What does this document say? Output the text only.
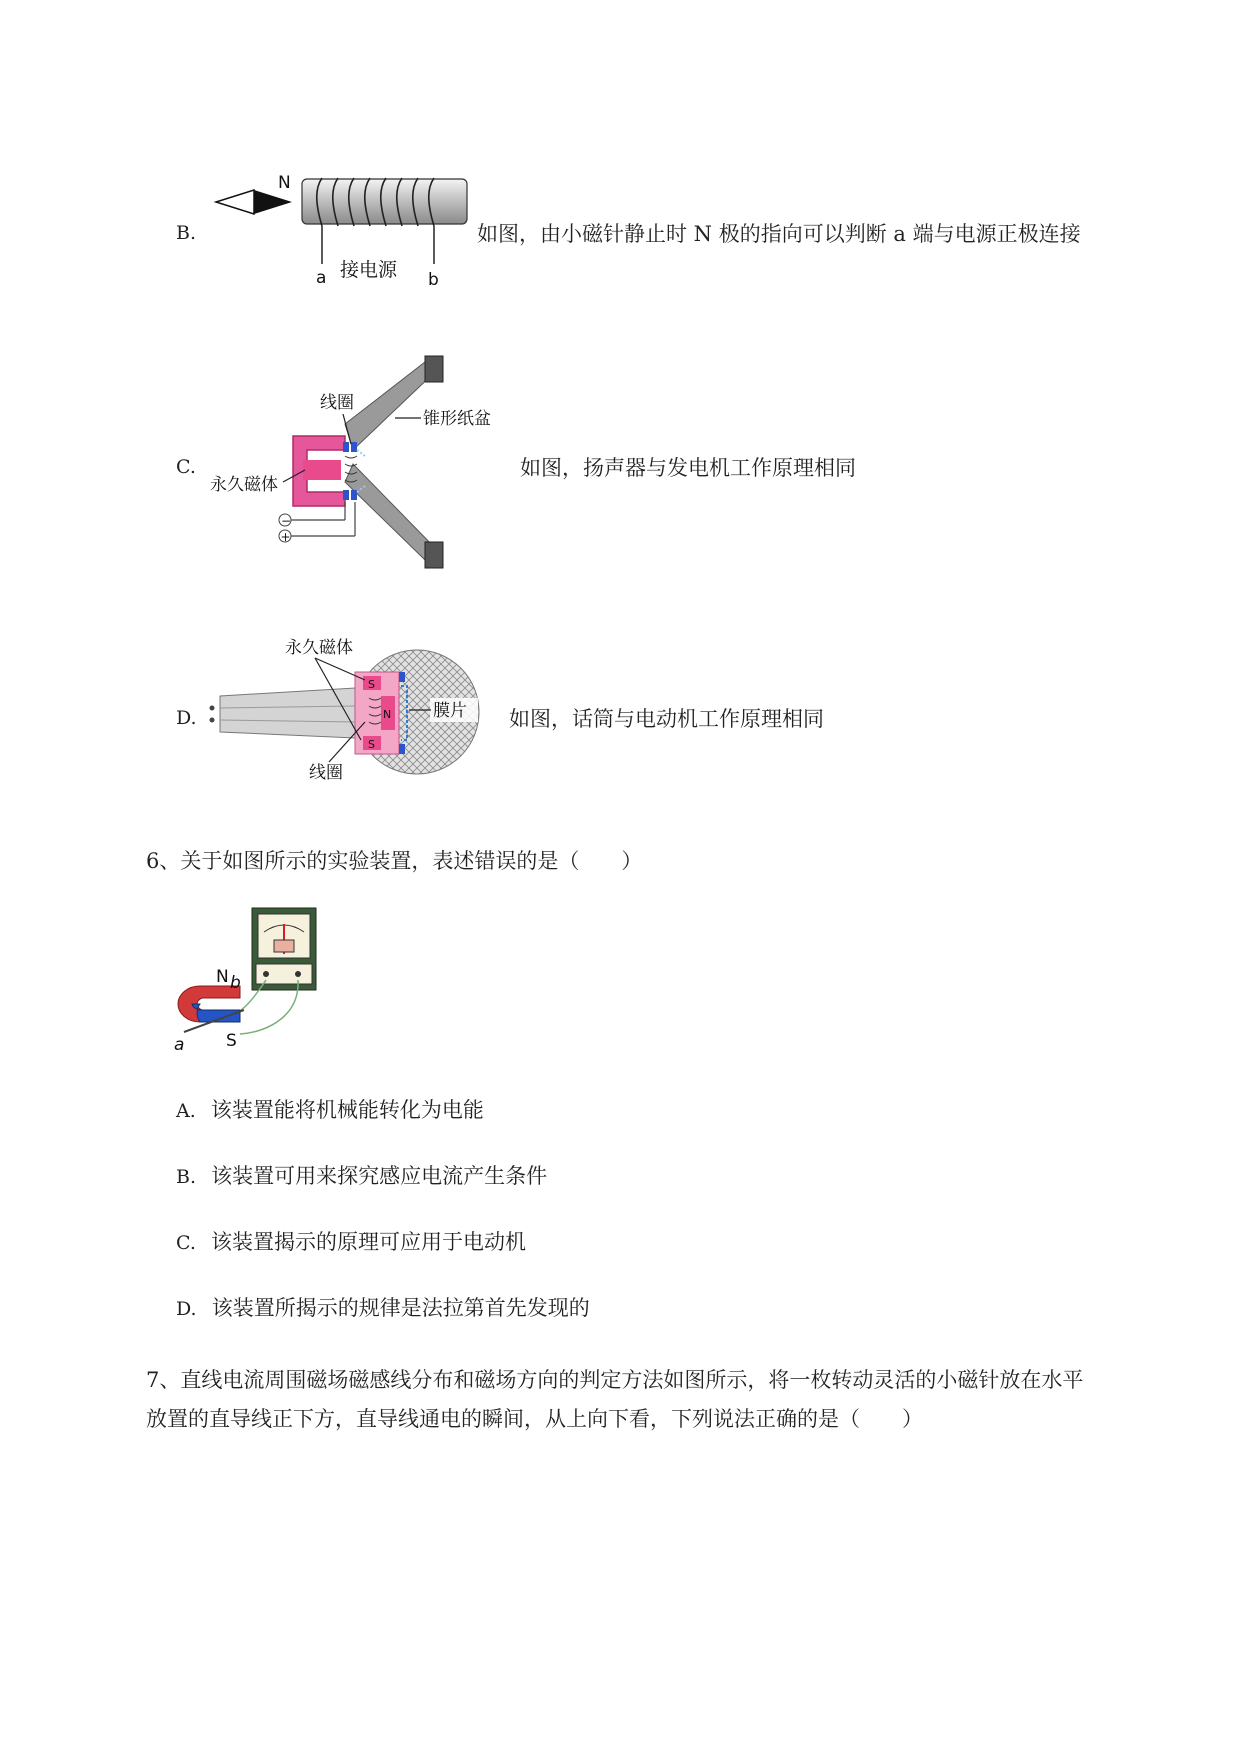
B.
N
a 接电源 b
如图，由小磁针静止时 N 极的指向可以判断 a 端与电源正极连接
C.
−
+
线圈
锥形纸盆
永久磁体
如图，扬声器与发电机工作原理相同
D.
S
N
S
膜片
永久磁体
线圈
如图，话筒与电动机工作原理相同
6、关于如图所示的实验装置，表述错误的是（　　）
N b
a S
A. 该装置能将机械能转化为电能
B. 该装置可用来探究感应电流产生条件
C. 该装置揭示的原理可应用于电动机
D. 该装置所揭示的规律是法拉第首先发现的
7、直线电流周围磁场磁感线分布和磁场方向的判定方法如图所示，将一枚转动灵活的小磁针放在水平
放置的直导线正下方，直导线通电的瞬间，从上向下看，下列说法正确的是（　　）
